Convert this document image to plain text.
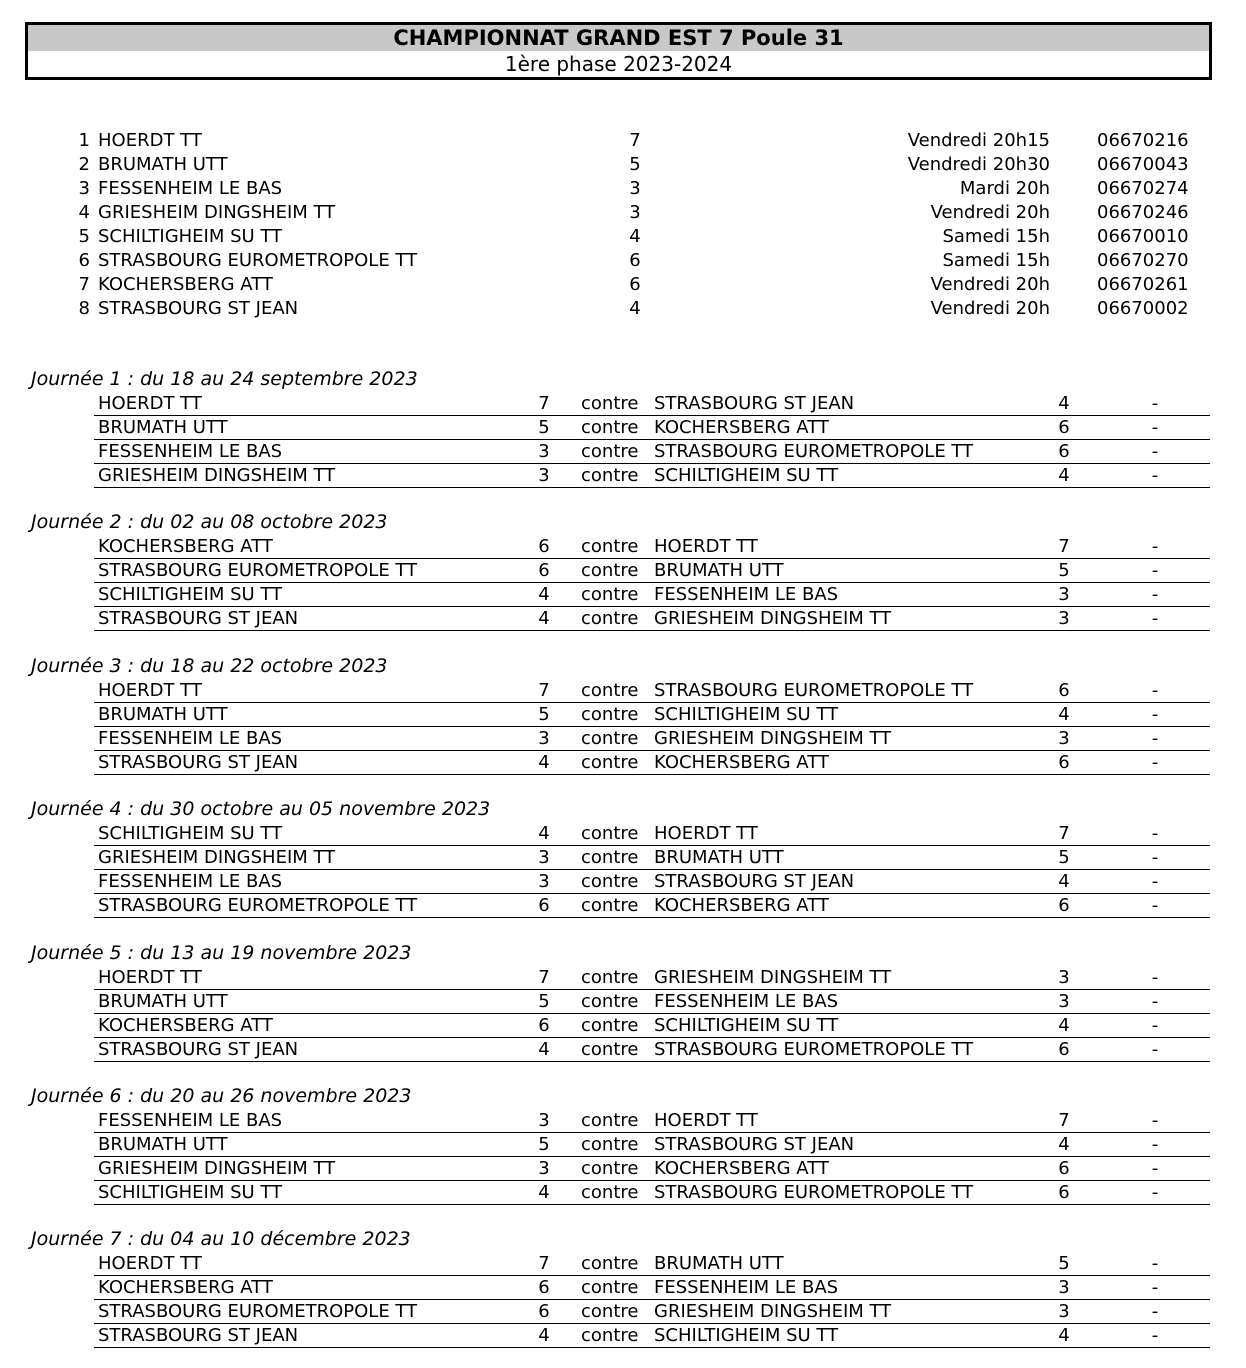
CHAMPIONNAT GRAND EST 7 Poule 31
1ère phase 2023-2024
1 HOERDT TT	7	Vendredi 20h15	06670216
2 BRUMATH UTT	5	Vendredi 20h30	06670043
3 FESSENHEIM LE BAS	3	Mardi 20h	06670274
4 GRIESHEIM DINGSHEIM TT	3	Vendredi 20h	06670246
5 SCHILTIGHEIM SU TT	4	Samedi 15h	06670010
6 STRASBOURG EUROMETROPOLE TT	6	Samedi 15h	06670270
7 KOCHERSBERG ATT	6	Vendredi 20h	06670261
8 STRASBOURG ST JEAN	4	Vendredi 20h	06670002
Journée 1 : du 18 au 24 septembre 2023
HOERDT TT	7	contre STRASBOURG ST JEAN	4	-
BRUMATH UTT	5	contre KOCHERSBERG ATT	6	-
FESSENHEIM LE BAS	3	contre STRASBOURG EUROMETROPOLE TT	6	-
GRIESHEIM DINGSHEIM TT	3	contre SCHILTIGHEIM SU TT	4	-
Journée 2 : du 02 au 08 octobre 2023
KOCHERSBERG ATT	6	contre HOERDT TT	7	-
STRASBOURG EUROMETROPOLE TT	6	contre BRUMATH UTT	5	-
SCHILTIGHEIM SU TT	4	contre FESSENHEIM LE BAS	3	-
STRASBOURG ST JEAN	4	contre GRIESHEIM DINGSHEIM TT	3	-
Journée 3 : du 18 au 22 octobre 2023
HOERDT TT	7	contre STRASBOURG EUROMETROPOLE TT	6	-
BRUMATH UTT	5	contre SCHILTIGHEIM SU TT	4	-
FESSENHEIM LE BAS	3	contre GRIESHEIM DINGSHEIM TT	3	-
STRASBOURG ST JEAN	4	contre KOCHERSBERG ATT	6	-
Journée 4 : du 30 octobre au 05 novembre 2023
SCHILTIGHEIM SU TT	4	contre HOERDT TT	7	-
GRIESHEIM DINGSHEIM TT	3	contre BRUMATH UTT	5	-
FESSENHEIM LE BAS	3	contre STRASBOURG ST JEAN	4	-
STRASBOURG EUROMETROPOLE TT	6	contre KOCHERSBERG ATT	6	-
Journée 5 : du 13 au 19 novembre 2023
HOERDT TT	7	contre GRIESHEIM DINGSHEIM TT	3	-
BRUMATH UTT	5	contre FESSENHEIM LE BAS	3	-
KOCHERSBERG ATT	6	contre SCHILTIGHEIM SU TT	4	-
STRASBOURG ST JEAN	4	contre STRASBOURG EUROMETROPOLE TT	6	-
Journée 6 : du 20 au 26 novembre 2023
FESSENHEIM LE BAS	3	contre HOERDT TT	7	-
BRUMATH UTT	5	contre STRASBOURG ST JEAN	4	-
GRIESHEIM DINGSHEIM TT	3	contre KOCHERSBERG ATT	6	-
SCHILTIGHEIM SU TT	4	contre STRASBOURG EUROMETROPOLE TT	6	-
Journée 7 : du 04 au 10 décembre 2023
HOERDT TT	7	contre BRUMATH UTT	5	-
KOCHERSBERG ATT	6	contre FESSENHEIM LE BAS	3	-
STRASBOURG EUROMETROPOLE TT	6	contre GRIESHEIM DINGSHEIM TT	3	-
STRASBOURG ST JEAN	4	contre SCHILTIGHEIM SU TT	4	-
